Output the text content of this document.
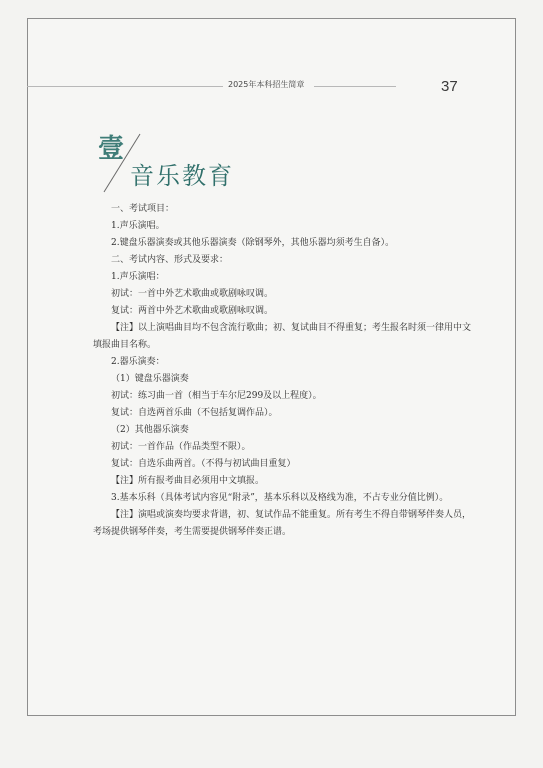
2025年本科招生简章	37
壹
音乐教育

一、考试项目：

1.声乐演唱。

2.键盘乐器演奏或其他乐器演奏（除钢琴外，其他乐器均须考生自备）。

二、考试内容、形式及要求：

1.声乐演唱：

初试：一首中外艺术歌曲或歌剧咏叹调。

复试：两首中外艺术歌曲或歌剧咏叹调。

【注】以上演唱曲目均不包含流行歌曲；初、复试曲目不得重复；考生报名时须一律用中文填报曲目名称。

2.器乐演奏：

（1）键盘乐器演奏

初试：练习曲一首（相当于车尔尼299及以上程度）。

复试：自选两首乐曲（不包括复调作品）。

（2）其他器乐演奏

初试：一首作品（作品类型不限）。

复试：自选乐曲两首。（不得与初试曲目重复）

【注】所有报考曲目必须用中文填报。

3.基本乐科（具体考试内容见“附录”，基本乐科以及格线为准，不占专业分值比例）。

【注】演唱或演奏均要求背谱，初、复试作品不能重复。所有考生不得自带钢琴伴奏人员，考场提供钢琴伴奏，考生需要提供钢琴伴奏正谱。
